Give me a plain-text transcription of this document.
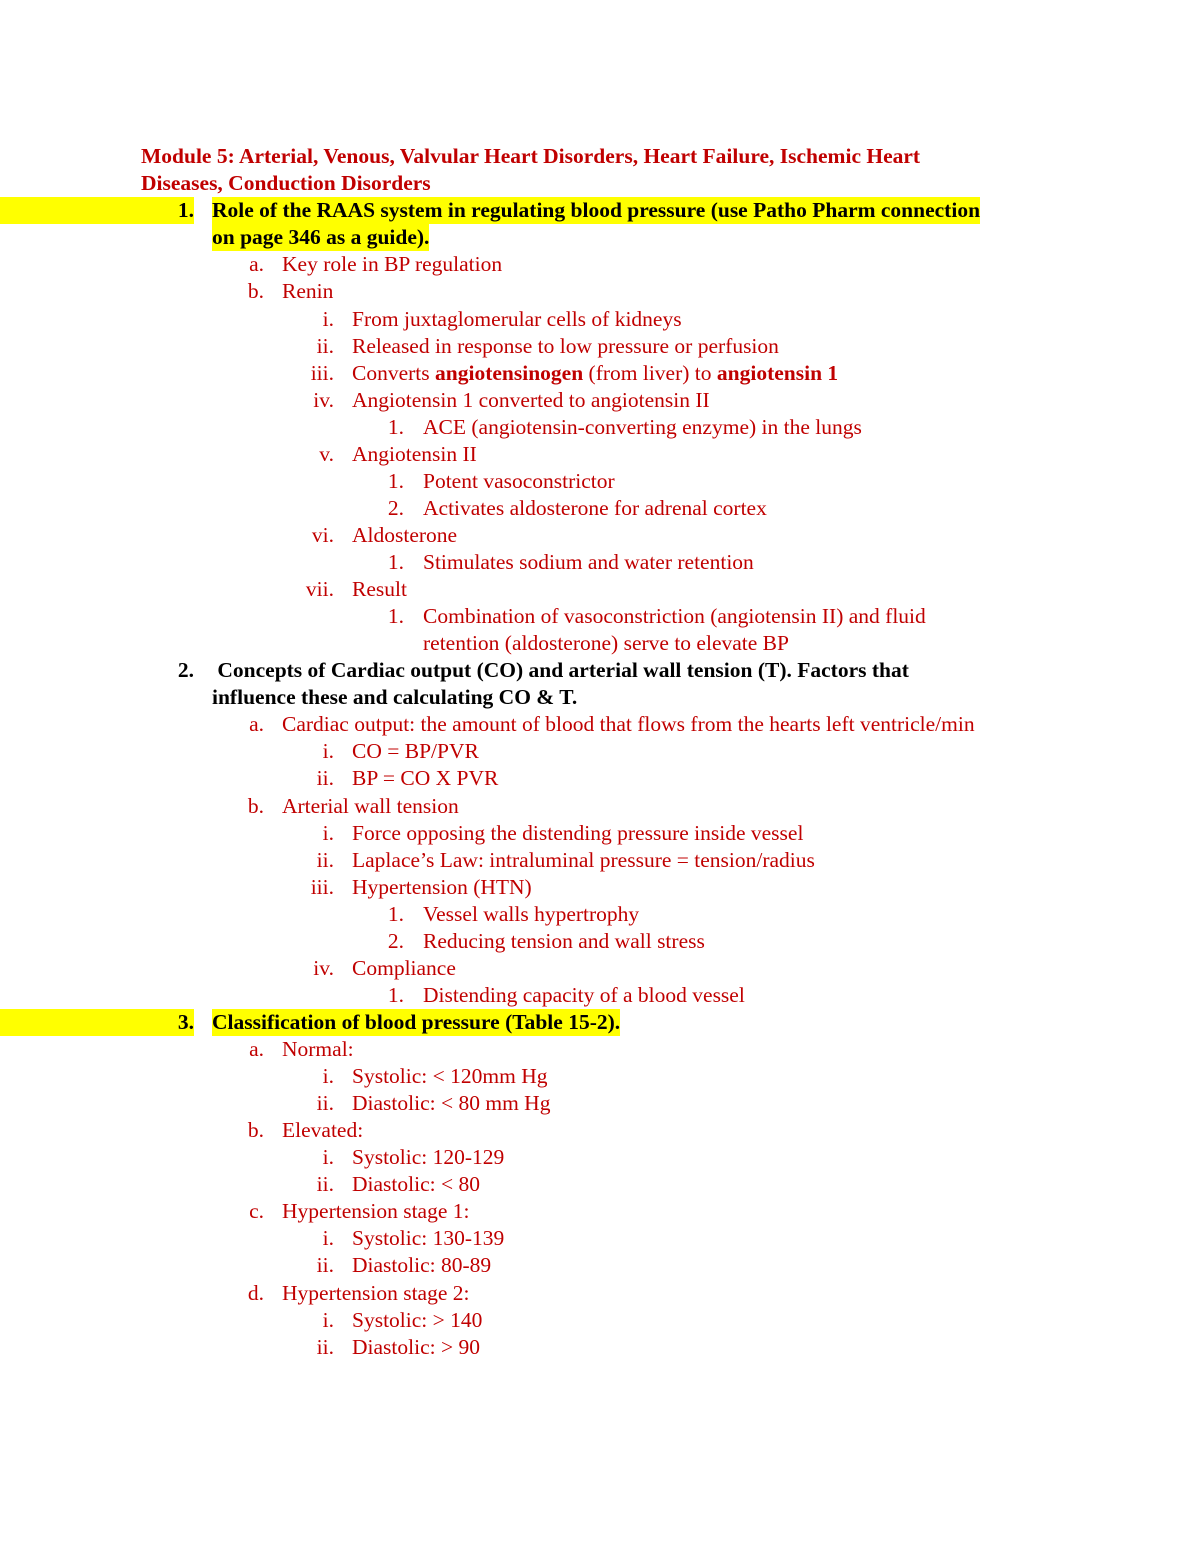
Module 5: Arterial, Venous, Valvular Heart Disorders, Heart Failure, Ischemic Heart
Diseases, Conduction Disorders
1. Role of the RAAS system in regulating blood pressure (use Patho Pharm connection
on page 346 as a guide).
a. Key role in BP regulation
b. Renin
i. From juxtaglomerular cells of kidneys
ii. Released in response to low pressure or perfusion
iii. Converts angiotensinogen (from liver) to angiotensin 1
iv. Angiotensin 1 converted to angiotensin II
1. ACE (angiotensin-converting enzyme) in the lungs
v. Angiotensin II
1. Potent vasoconstrictor
2. Activates aldosterone for adrenal cortex
vi. Aldosterone
1. Stimulates sodium and water retention
vii. Result
1. Combination of vasoconstriction (angiotensin II) and fluid
retention (aldosterone) serve to elevate BP
2. Concepts of Cardiac output (CO) and arterial wall tension (T). Factors that
influence these and calculating CO & T.
a. Cardiac output: the amount of blood that flows from the hearts left ventricle/min
i. CO = BP/PVR
ii. BP = CO X PVR
b. Arterial wall tension
i. Force opposing the distending pressure inside vessel
ii. Laplace’s Law: intraluminal pressure = tension/radius
iii. Hypertension (HTN)
1. Vessel walls hypertrophy
2. Reducing tension and wall stress
iv. Compliance
1. Distending capacity of a blood vessel
3. Classification of blood pressure (Table 15-2).
a. Normal:
i. Systolic: < 120mm Hg
ii. Diastolic: < 80 mm Hg
b. Elevated:
i. Systolic: 120-129
ii. Diastolic: < 80
c. Hypertension stage 1:
i. Systolic: 130-139
ii. Diastolic: 80-89
d. Hypertension stage 2:
i. Systolic: > 140
ii. Diastolic: > 90
